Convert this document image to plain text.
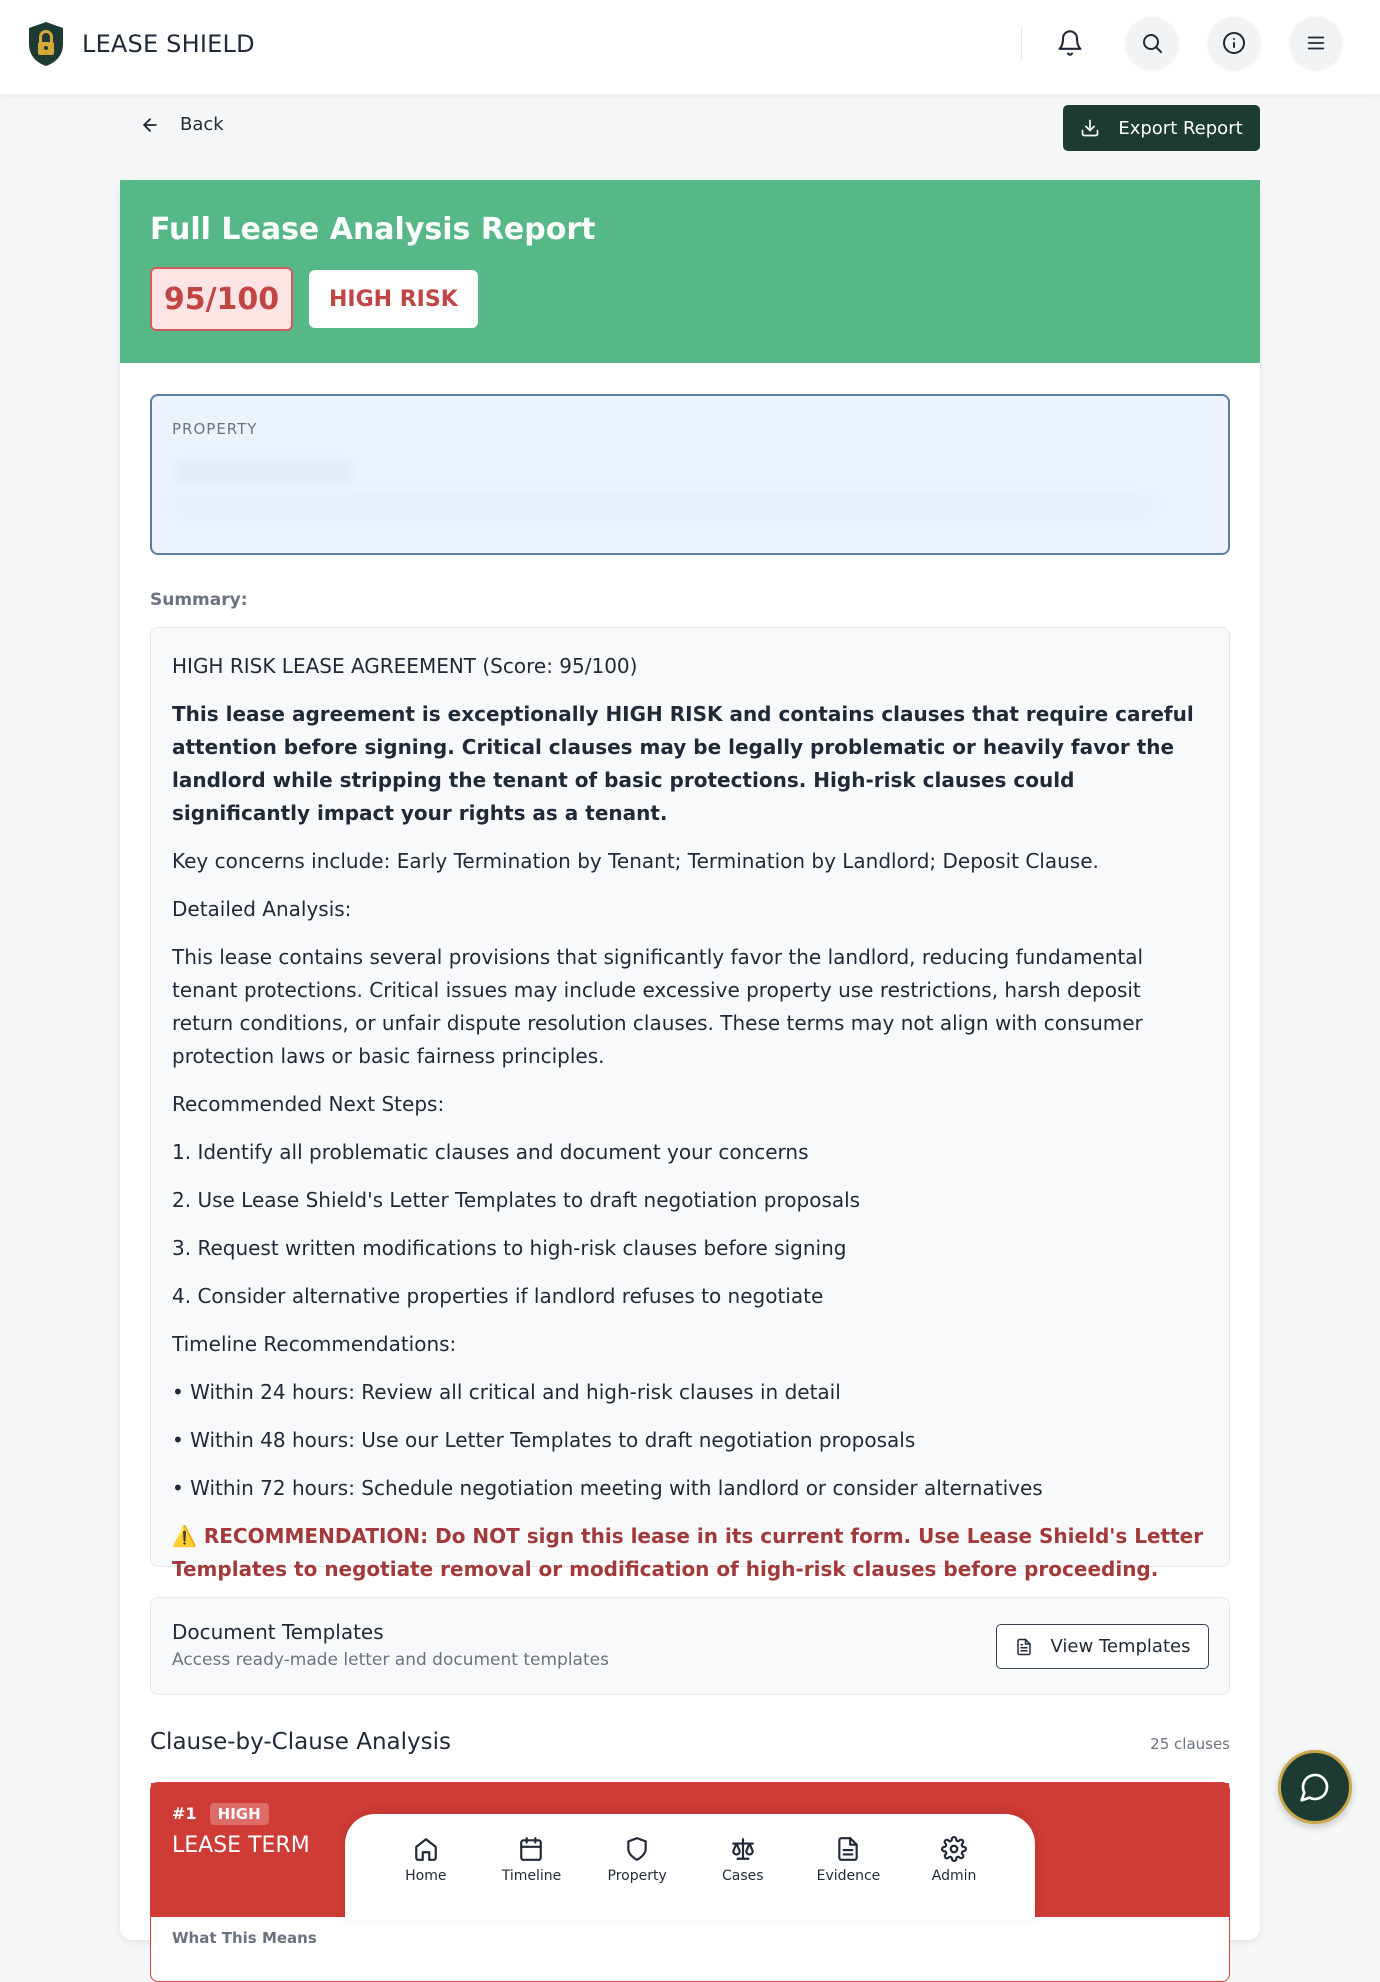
LEASE SHIELD
Back	Export Report
Full Lease Analysis Report
95/100	HIGH RISK
PROPERTY
Summary:

HIGH RISK LEASE AGREEMENT (Score: 95/100)

This lease agreement is exceptionally HIGH RISK and contains clauses that require careful attention before signing. Critical clauses may be legally problematic or heavily favor the landlord while stripping the tenant of basic protections. High-risk clauses could significantly impact your rights as a tenant.

Key concerns include: Early Termination by Tenant; Termination by Landlord; Deposit Clause.

Detailed Analysis:

This lease contains several provisions that significantly favor the landlord, reducing fundamental tenant protections. Critical issues may include excessive property use restrictions, harsh deposit return conditions, or unfair dispute resolution clauses. These terms may not align with consumer protection laws or basic fairness principles.

Recommended Next Steps:

1. Identify all problematic clauses and document your concerns

2. Use Lease Shield's Letter Templates to draft negotiation proposals

3. Request written modifications to high-risk clauses before signing

4. Consider alternative properties if landlord refuses to negotiate

Timeline Recommendations:

• Within 24 hours: Review all critical and high-risk clauses in detail

• Within 48 hours: Use our Letter Templates to draft negotiation proposals

• Within 72 hours: Schedule negotiation meeting with landlord or consider alternatives

⚠️ RECOMMENDATION: Do NOT sign this lease in its current form. Use Lease Shield's Letter Templates to negotiate removal or modification of high-risk clauses before proceeding.

Document Templates
Access ready-made letter and document templates
View Templates
Clause-by-Clause Analysis	25 clauses
#1 HIGH
LEASE TERM
What This Means
Home	Timeline	Property	Cases	Evidence	Admin
